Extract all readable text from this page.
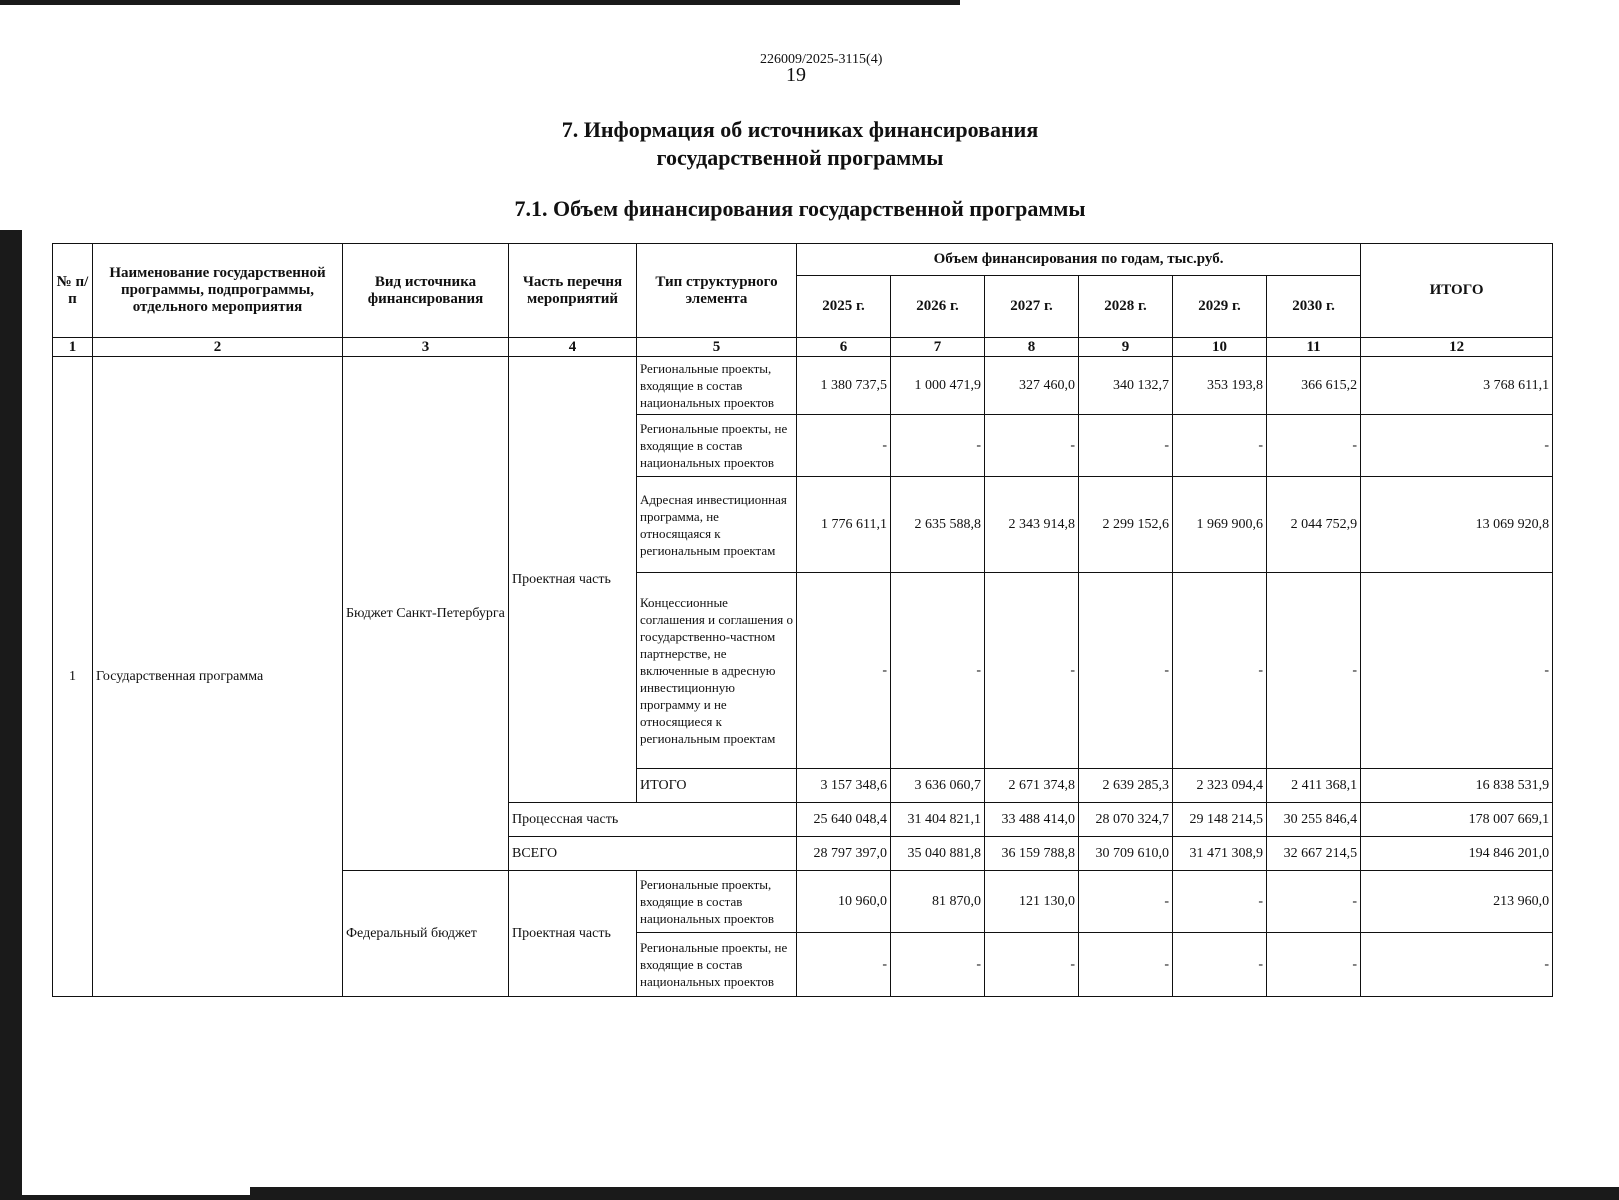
226009/2025-3115(4)
19
7. Информация об источниках финансирования
государственной программы
7.1. Объем финансирования государственной программы
№ п/п	Наименование государственной программы, подпрограммы, отдельного мероприятия	Вид источника финансирования	Часть перечня мероприятий	Тип структурного элемента	Объем финансирования по годам, тыс.руб.						ИТОГО
					2025 г.	2026 г.	2027 г.	2028 г.	2029 г.	2030 г.	
1	2	3	4	5	6	7	8	9	10	11	12
1	Государственная программа	Бюджет Санкт-Петербурга	Проектная часть	Региональные проекты, входящие в состав национальных проектов	1 380 737,5	1 000 471,9	327 460,0	340 132,7	353 193,8	366 615,2	3 768 611,1
				Региональные проекты, не входящие в состав национальных проектов	-	-	-	-	-	-	-
				Адресная инвестиционная программа, не относящаяся к региональным проектам	1 776 611,1	2 635 588,8	2 343 914,8	2 299 152,6	1 969 900,6	2 044 752,9	13 069 920,8
				Концессионные соглашения и соглашения о государственно-частном партнерстве, не включенные в адресную инвестиционную программу и не относящиеся к региональным проектам	-	-	-	-	-	-	-
				ИТОГО	3 157 348,6	3 636 060,7	2 671 374,8	2 639 285,3	2 323 094,4	2 411 368,1	16 838 531,9
			Процессная часть		25 640 048,4	31 404 821,1	33 488 414,0	28 070 324,7	29 148 214,5	30 255 846,4	178 007 669,1
			ВСЕГО		28 797 397,0	35 040 881,8	36 159 788,8	30 709 610,0	31 471 308,9	32 667 214,5	194 846 201,0
		Федеральный бюджет	Проектная часть	Региональные проекты, входящие в состав национальных проектов	10 960,0	81 870,0	121 130,0	-	-	-	213 960,0
				Региональные проекты, не входящие в состав национальных проектов	-	-	-	-	-	-	-
